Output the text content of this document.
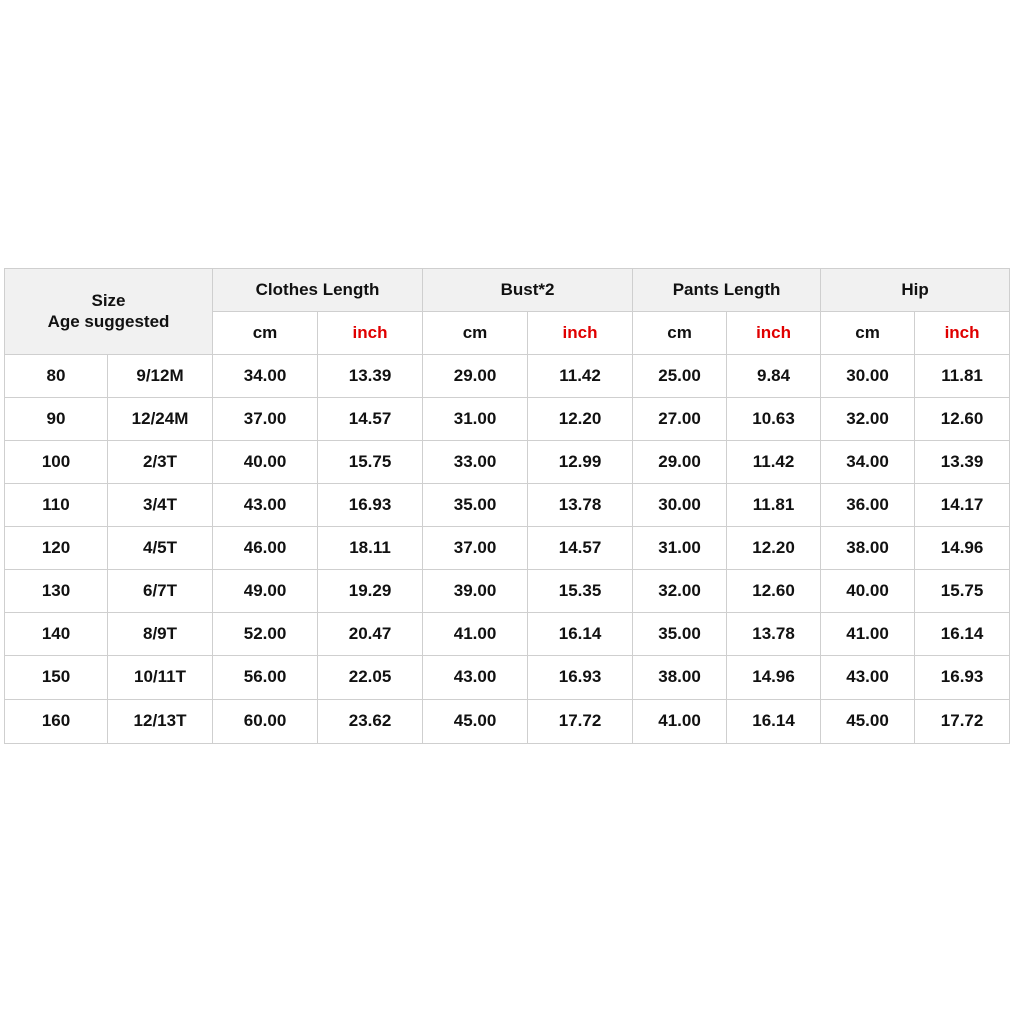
Size
Age suggested		Clothes Length		Bust*2		Pants Length		Hip	
		cm	inch	cm	inch	cm	inch	cm	inch
80	9/12M	34.00	13.39	29.00	11.42	25.00	9.84	30.00	11.81
90	12/24M	37.00	14.57	31.00	12.20	27.00	10.63	32.00	12.60
100	2/3T	40.00	15.75	33.00	12.99	29.00	11.42	34.00	13.39
110	3/4T	43.00	16.93	35.00	13.78	30.00	11.81	36.00	14.17
120	4/5T	46.00	18.11	37.00	14.57	31.00	12.20	38.00	14.96
130	6/7T	49.00	19.29	39.00	15.35	32.00	12.60	40.00	15.75
140	8/9T	52.00	20.47	41.00	16.14	35.00	13.78	41.00	16.14
150	10/11T	56.00	22.05	43.00	16.93	38.00	14.96	43.00	16.93
160	12/13T	60.00	23.62	45.00	17.72	41.00	16.14	45.00	17.72
